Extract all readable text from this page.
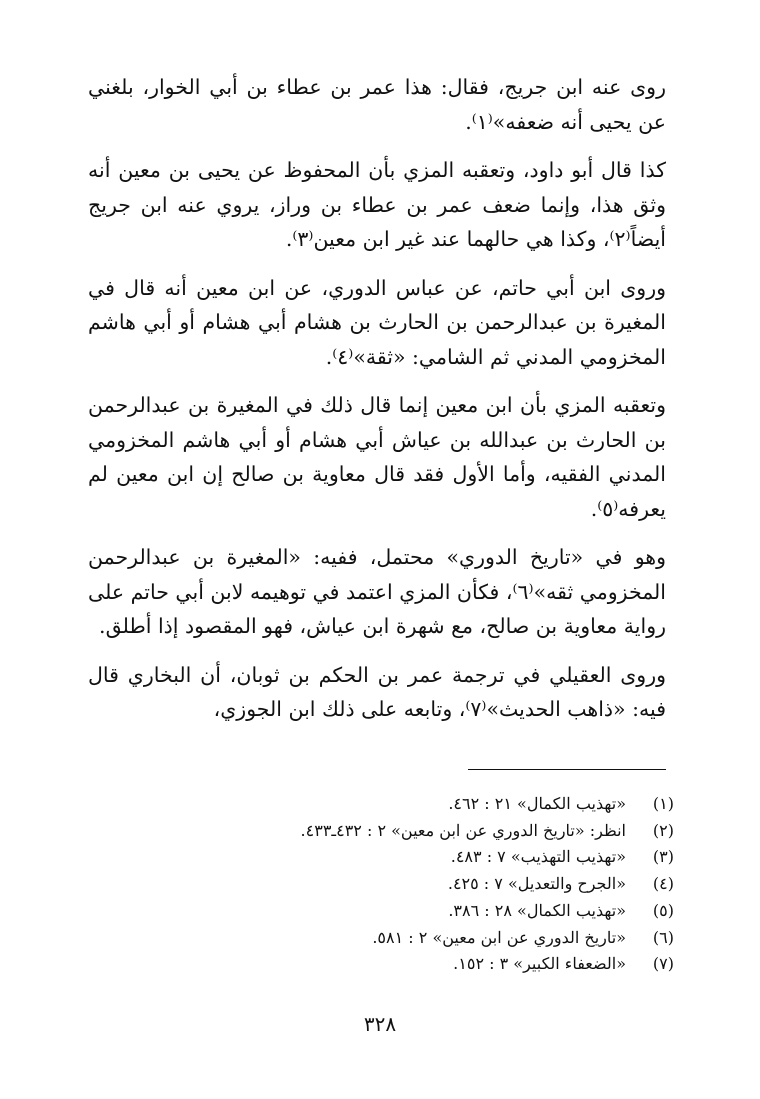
روى عنه ابن جريج، فقال: هذا عمر بن عطاء بن أبي الخوار، بلغني عن يحيى أنه ضعفه»⁽١⁾.

كذا قال أبو داود، وتعقبه المزي بأن المحفوظ عن يحيى بن معين أنه وثق هذا، وإنما ضعف عمر بن عطاء بن وراز، يروي عنه ابن جريج أيضاً⁽٢⁾، وكذا هي حالهما عند غير ابن معين⁽٣⁾.

وروى ابن أبي حاتم، عن عباس الدوري، عن ابن معين أنه قال في المغيرة بن عبدالرحمن بن الحارث بن هشام أبي هشام أو أبي هاشم المخزومي المدني ثم الشامي: «ثقة»⁽٤⁾.

وتعقبه المزي بأن ابن معين إنما قال ذلك في المغيرة بن عبدالرحمن بن الحارث بن عبدالله بن عياش أبي هشام أو أبي هاشم المخزومي المدني الفقيه، وأما الأول فقد قال معاوية بن صالح إن ابن معين لم يعرفه⁽٥⁾.

وهو في «تاريخ الدوري» محتمل، ففيه: «المغيرة بن عبدالرحمن المخزومي ثقه»⁽٦⁾، فكأن المزي اعتمد في توهيمه لابن أبي حاتم على رواية معاوية بن صالح، مع شهرة ابن عياش، فهو المقصود إذا أطلق.

وروى العقيلي في ترجمة عمر بن الحكم بن ثوبان، أن البخاري قال فيه: «ذاهب الحديث»⁽٧⁾، وتابعه على ذلك ابن الجوزي،

(١)
«تهذيب الكمال» ٢١ : ٤٦٢.
(٢)
انظر: «تاريخ الدوري عن ابن معين» ٢ : ٤٣٢ـ٤٣٣.
(٣)
«تهذيب التهذيب» ٧ : ٤٨٣.
(٤)
«الجرح والتعديل» ٧ : ٤٢٥.
(٥)
«تهذيب الكمال» ٢٨ : ٣٨٦.
(٦)
«تاريخ الدوري عن ابن معين» ٢ : ٥٨١.
(٧)
«الضعفاء الكبير» ٣ : ١٥٢.
٣٢٨
